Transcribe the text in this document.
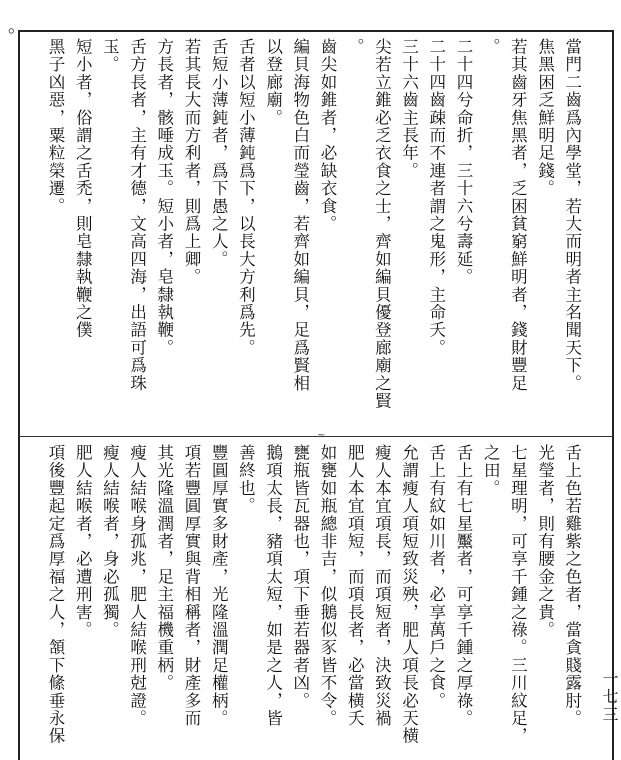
。
~
當門二齒爲內學堂，若大而明者主名聞天下。
焦黑困乏鮮明足錢。
若其齒牙焦黑者，乏困貧窮鮮明者，錢財豐足
。
二十四兮命折，三十六兮壽延。
二十四齒疎而不連者謂之鬼形，主命夭。
三十六齒主長年。
尖若立錐必乏衣食之士，齊如編貝優登廊廟之賢
。
齒尖如錐者，必缺衣食。
編貝海物色白而瑩齒，若齊如編貝，足爲賢相
以登廊廟。
舌者以短小薄鈍爲下，以長大方利爲先。
舌短小薄鈍者，爲下愚之人。
若其長大而方利者，則爲上卿。
方長者，骸唾成玉。短小者，皂隸執鞭。
舌方長者，主有才德，文高四海，出語可爲珠
玉。
短小者，俗謂之舌禿，則皂隸執鞭之僕
黑子凶惡，粟粒榮遷。
舌上色若雞紫之色者，當貪賤露肘。
光瑩者，則有腰金之貴。
七星理明，可享千鍾之祿。三川紋足，
之田。
舌上有七星黶者，可享千鍾之厚祿。
舌上有紋如川者，必享萬戶之食。
允謂瘦人項短致災殃，肥人項長必天横
瘦人本宜項長，而項短者，決致災禍
肥人本宜項短，而項長者，必當横夭
如甕如瓶總非吉，似鵝似豕皆不令。
甕瓶皆瓦器也，項下垂若器者凶。
鵝項太長，豬項太短，如是之人，皆
善終也。
豐圓厚實多財產，光隆溫潤足權柄。
項若豐圓厚實與背相稱者，財產多而
其光隆溫潤者，足主福機重柄。
瘦人結喉身孤兆，肥人結喉刑尅證。
瘦人結喉者，身必孤獨。
肥人結喉者，必遭刑害。
項後豐起定爲厚福之人，頷下絛垂永保	一七三
